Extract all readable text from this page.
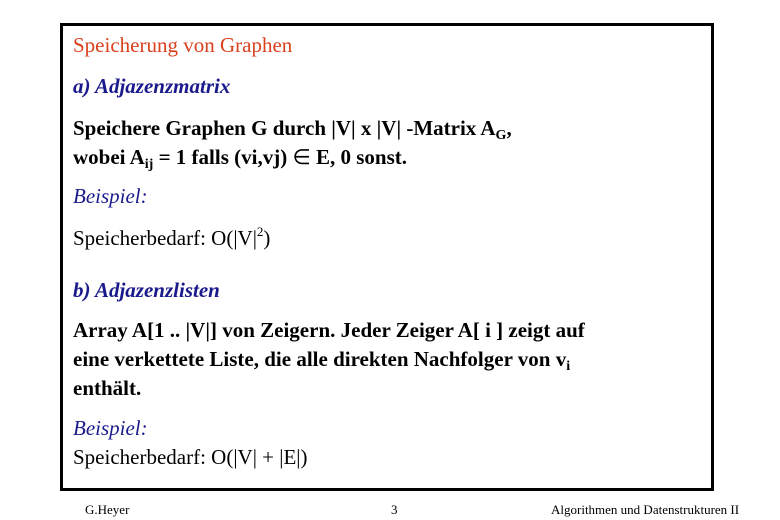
Speicherung von Graphen

a) Adjazenzmatrix

Speichere Graphen G durch |V| x |V| -Matrix $A_G$,
wobei $A_{ij} = 1$ falls (vi,vj) ∈ E, 0 sonst.

Beispiel:

Speicherbedarf: $O(|V|^2)$

b) Adjazenzlisten

Array A[1 .. |V|] von Zeigern. Jeder Zeiger A[ i ] zeigt auf
eine verkettete Liste, die alle direkten Nachfolger von $v_i$
enthält.

Beispiel:

Speicherbedarf: O(|V| + |E|)

G.Heyer	3	Algorithmen und Datenstrukturen II
